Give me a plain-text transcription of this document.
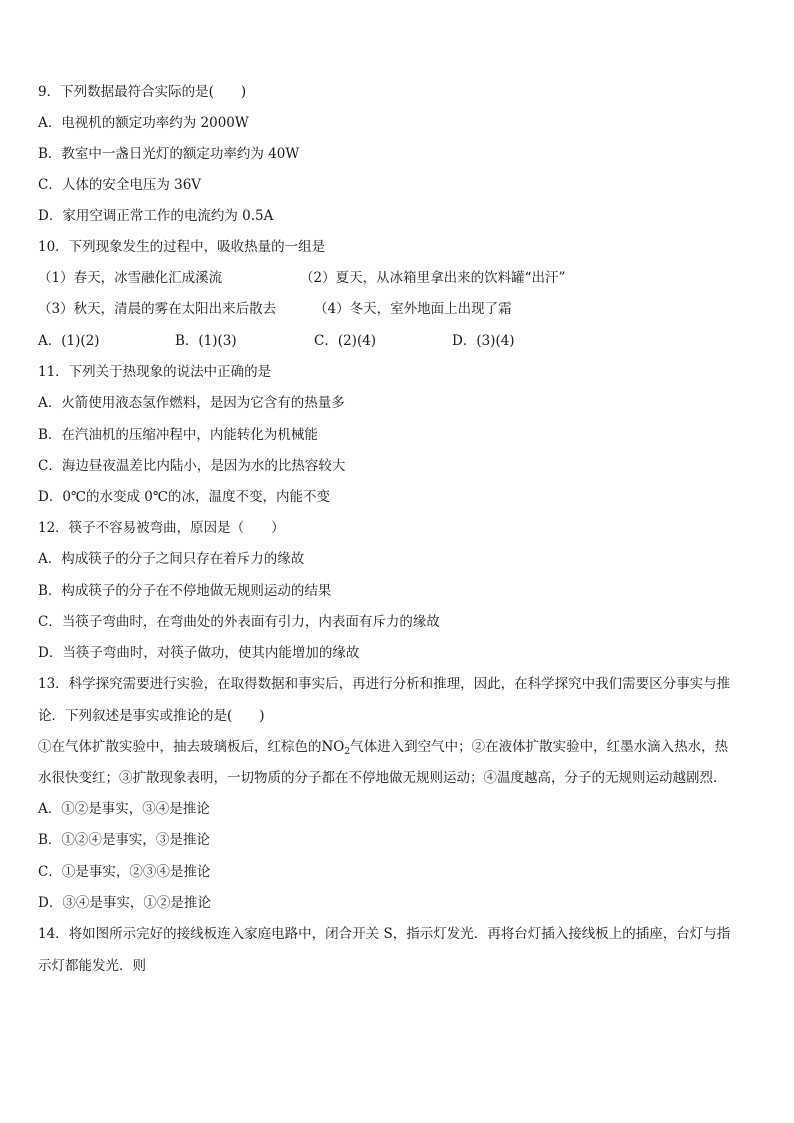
9．下列数据最符合实际的是(　　)
A．电视机的额定功率约为 2000W
B．教室中一盏日光灯的额定功率约为 40W
C．人体的安全电压为 36V
D．家用空调正常工作的电流约为 0.5A
10．下列现象发生的过程中，吸收热量的一组是
（1）春天，冰雪融化汇成溪流	（2）夏天，从冰箱里拿出来的饮料罐“出汗”
（3）秋天，清晨的雾在太阳出来后散去	（4）冬天，室外地面上出现了霜
A．(1)(2)	B．(1)(3)	C．(2)(4)	D．(3)(4)
11．下列关于热现象的说法中正确的是
A．火箭使用液态氢作燃料，是因为它含有的热量多
B．在汽油机的压缩冲程中，内能转化为机械能
C．海边昼夜温差比内陆小，是因为水的比热容较大
D．0℃的水变成 0℃的冰，温度不变，内能不变
12．筷子不容易被弯曲，原因是（　　）
A．构成筷子的分子之间只存在着斥力的缘故
B．构成筷子的分子在不停地做无规则运动的结果
C．当筷子弯曲时，在弯曲处的外表面有引力，内表面有斥力的缘故
D．当筷子弯曲时，对筷子做功，使其内能增加的缘故
13．科学探究需要进行实验，在取得数据和事实后，再进行分析和推理，因此，在科学探究中我们需要区分事实与推
论．下列叙述是事实或推论的是(　　)
①在气体扩散实验中，抽去玻璃板后，红棕色的$NO_2$气体进入到空气中；②在液体扩散实验中，红墨水滴入热水，热
水很快变红；③扩散现象表明，一切物质的分子都在不停地做无规则运动；④温度越高，分子的无规则运动越剧烈．
A．①②是事实，③④是推论
B．①②④是事实，③是推论
C．①是事实，②③④是推论
D．③④是事实，①②是推论
14．将如图所示完好的接线板连入家庭电路中，闭合开关 S，指示灯发光．再将台灯插入接线板上的插座，台灯与指
示灯都能发光．则
